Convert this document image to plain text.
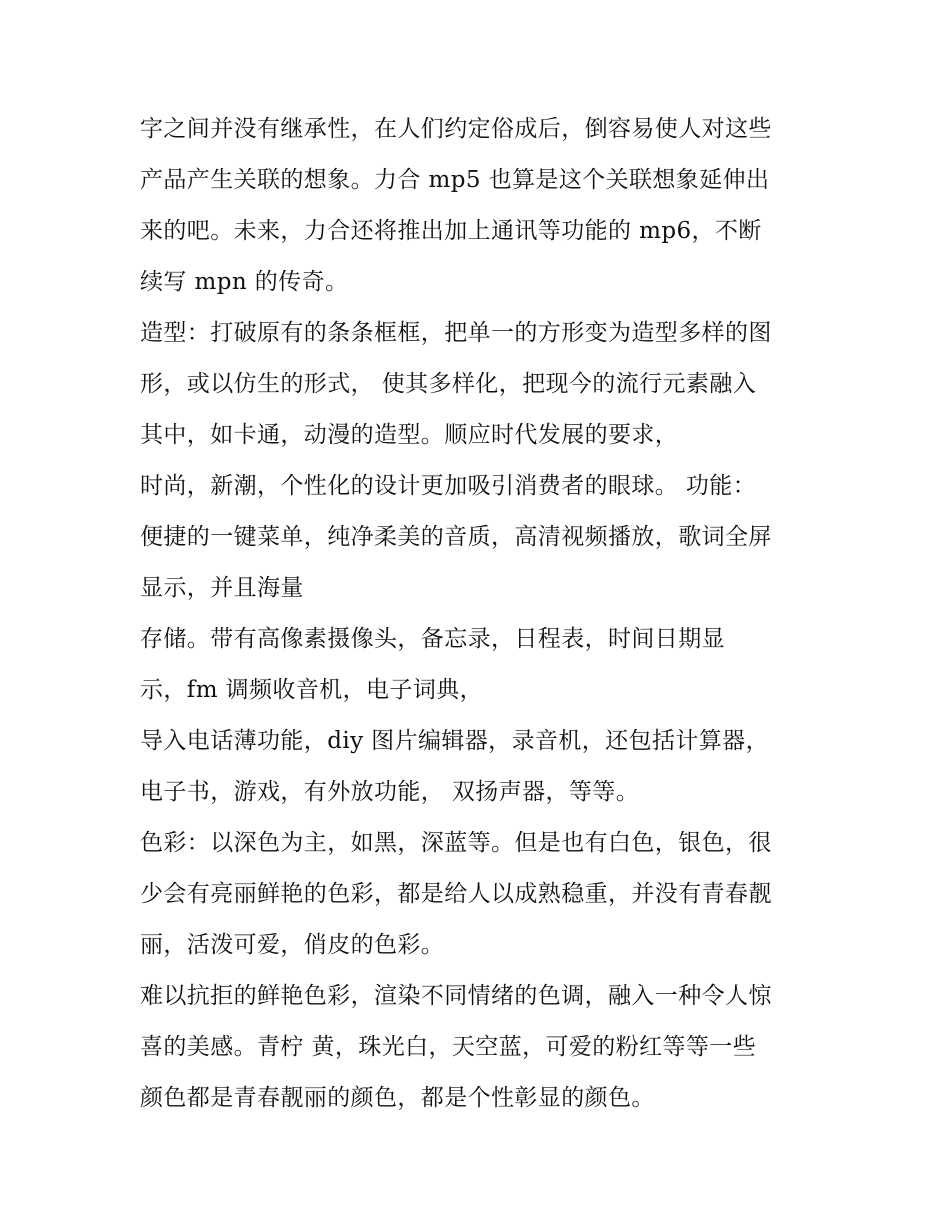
字之间并没有继承性，在人们约定俗成后，倒容易使人对这些
产品产生关联的想象。力合 mp5 也算是这个关联想象延伸出
来的吧。未来，力合还将推出加上通讯等功能的 mp6，不断
续写 mpn 的传奇。
造型：打破原有的条条框框，把单一的方形变为造型多样的图
形，或以仿生的形式， 使其多样化，把现今的流行元素融入
其中，如卡通，动漫的造型。顺应时代发展的要求，
时尚，新潮，个性化的设计更加吸引消费者的眼球。 功能：
便捷的一键菜单，纯净柔美的音质，高清视频播放，歌词全屏
显示，并且海量
存储。带有高像素摄像头，备忘录，日程表，时间日期显
示，fm 调频收音机，电子词典，
导入电话薄功能，diy 图片编辑器，录音机，还包括计算器，
电子书，游戏，有外放功能， 双扬声器，等等。
色彩：以深色为主，如黑，深蓝等。但是也有白色，银色，很
少会有亮丽鲜艳的色彩，都是给人以成熟稳重，并没有青春靓
丽，活泼可爱，俏皮的色彩。
难以抗拒的鲜艳色彩，渲染不同情绪的色调，融入一种令人惊
喜的美感。青柠 黄，珠光白，天空蓝，可爱的粉红等等一些
颜色都是青春靓丽的颜色，都是个性彰显的颜色。
